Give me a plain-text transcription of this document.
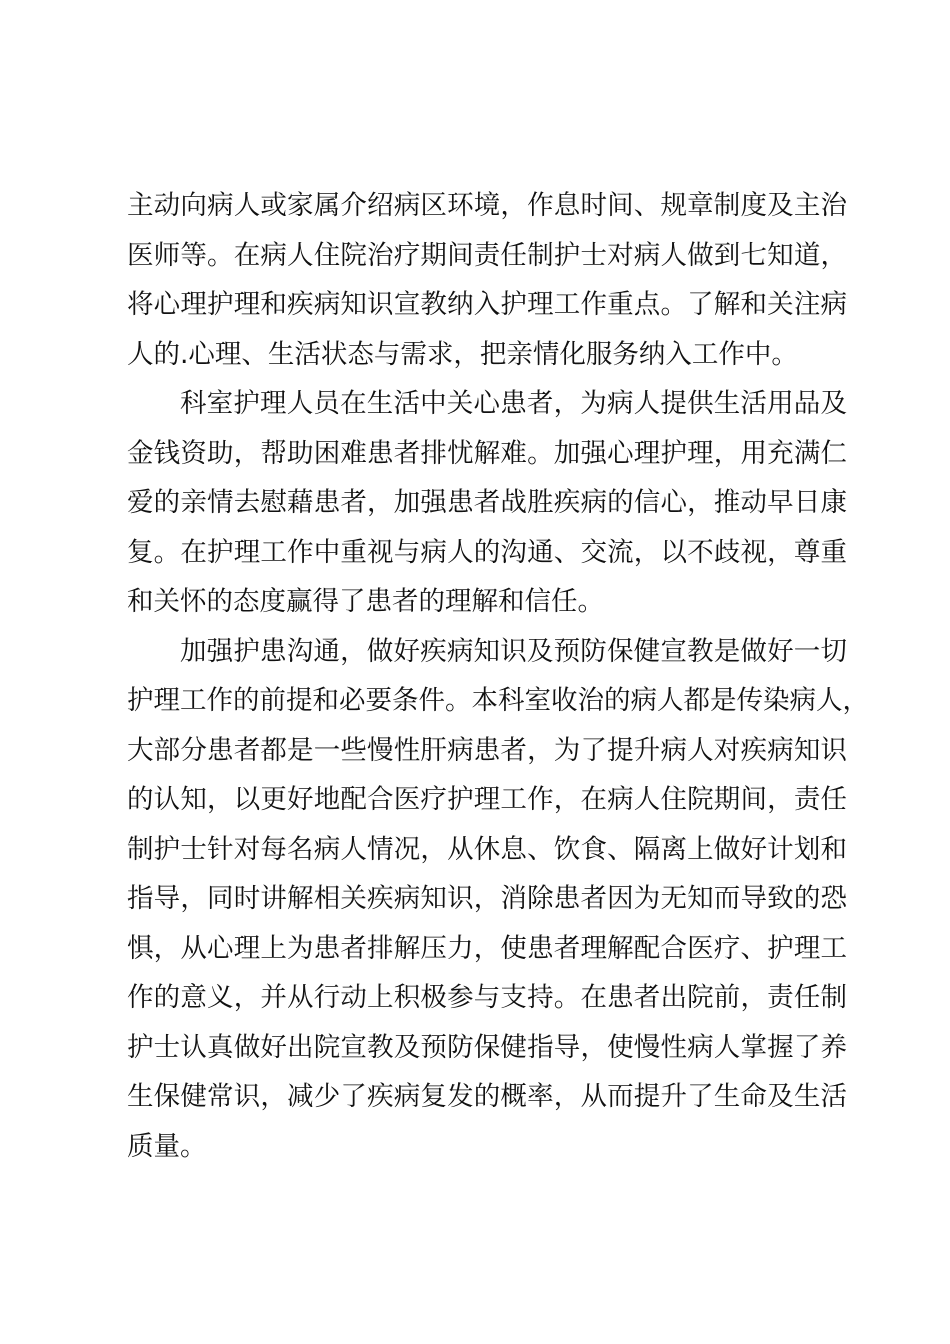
主动向病人或家属介绍病区环境，作息时间、规章制度及主治
医师等。在病人住院治疗期间责任制护士对病人做到七知道，
将心理护理和疾病知识宣教纳入护理工作重点。了解和关注病
人的.心理、生活状态与需求，把亲情化服务纳入工作中。
科室护理人员在生活中关心患者，为病人提供生活用品及
金钱资助，帮助困难患者排忧解难。加强心理护理，用充满仁
爱的亲情去慰藉患者，加强患者战胜疾病的信心，推动早日康
复。在护理工作中重视与病人的沟通、交流，以不歧视，尊重
和关怀的态度赢得了患者的理解和信任。
加强护患沟通，做好疾病知识及预防保健宣教是做好一切
护理工作的前提和必要条件。本科室收治的病人都是传染病人，
大部分患者都是一些慢性肝病患者，为了提升病人对疾病知识
的认知，以更好地配合医疗护理工作，在病人住院期间，责任
制护士针对每名病人情况，从休息、饮食、隔离上做好计划和
指导，同时讲解相关疾病知识，消除患者因为无知而导致的恐
惧，从心理上为患者排解压力，使患者理解配合医疗、护理工
作的意义，并从行动上积极参与支持。在患者出院前，责任制
护士认真做好出院宣教及预防保健指导，使慢性病人掌握了养
生保健常识，减少了疾病复发的概率，从而提升了生命及生活
质量。
